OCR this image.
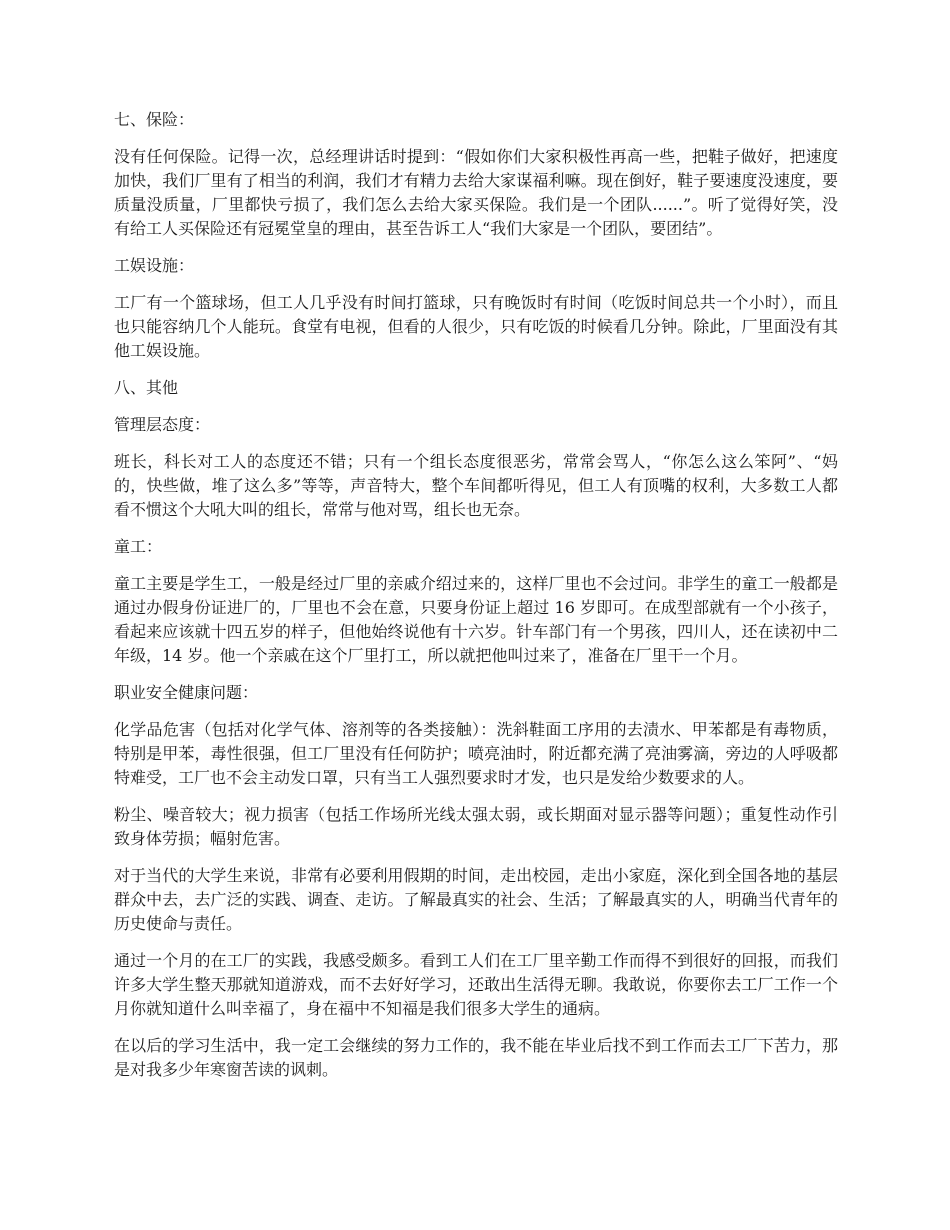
七、保险：

没有任何保险。记得一次，总经理讲话时提到：“假如你们大家积极性再高一些，把鞋子做好，把速度加快，我们厂里有了相当的利润，我们才有精力去给大家谋福利嘛。现在倒好，鞋子要速度没速度，要质量没质量，厂里都快亏损了，我们怎么去给大家买保险。我们是一个团队......”。听了觉得好笑，没有给工人买保险还有冠冕堂皇的理由，甚至告诉工人“我们大家是一个团队，要团结”。

工娱设施：

工厂有一个篮球场，但工人几乎没有时间打篮球，只有晚饭时有时间（吃饭时间总共一个小时），而且也只能容纳几个人能玩。食堂有电视，但看的人很少，只有吃饭的时候看几分钟。除此，厂里面没有其他工娱设施。

八、其他

管理层态度：

班长，科长对工人的态度还不错；只有一个组长态度很恶劣，常常会骂人，“你怎么这么笨阿”、“妈的，快些做，堆了这么多”等等，声音特大，整个车间都听得见，但工人有顶嘴的权利，大多数工人都看不惯这个大吼大叫的组长，常常与他对骂，组长也无奈。

童工：

童工主要是学生工，一般是经过厂里的亲戚介绍过来的，这样厂里也不会过问。非学生的童工一般都是通过办假身份证进厂的，厂里也不会在意，只要身份证上超过 16 岁即可。在成型部就有一个小孩子，看起来应该就十四五岁的样子，但他始终说他有十六岁。针车部门有一个男孩，四川人，还在读初中二年级，14 岁。他一个亲戚在这个厂里打工，所以就把他叫过来了，准备在厂里干一个月。

职业安全健康问题：

化学品危害（包括对化学气体、溶剂等的各类接触）：洗斜鞋面工序用的去渍水、甲苯都是有毒物质，特别是甲苯，毒性很强，但工厂里没有任何防护；喷亮油时，附近都充满了亮油雾滴，旁边的人呼吸都特难受，工厂也不会主动发口罩，只有当工人强烈要求时才发，也只是发给少数要求的人。

粉尘、噪音较大；视力损害（包括工作场所光线太强太弱，或长期面对显示器等问题）；重复性动作引致身体劳损；幅射危害。

对于当代的大学生来说，非常有必要利用假期的时间，走出校园，走出小家庭，深化到全国各地的基层群众中去，去广泛的实践、调查、走访。了解最真实的社会、生活；了解最真实的人，明确当代青年的历史使命与责任。

通过一个月的在工厂的实践，我感受颇多。看到工人们在工厂里辛勤工作而得不到很好的回报，而我们许多大学生整天那就知道游戏，而不去好好学习，还敢出生活得无聊。我敢说，你要你去工厂工作一个月你就知道什么叫幸福了，身在福中不知福是我们很多大学生的通病。

在以后的学习生活中，我一定工会继续的努力工作的，我不能在毕业后找不到工作而去工厂下苦力，那是对我多少年寒窗苦读的讽刺。
